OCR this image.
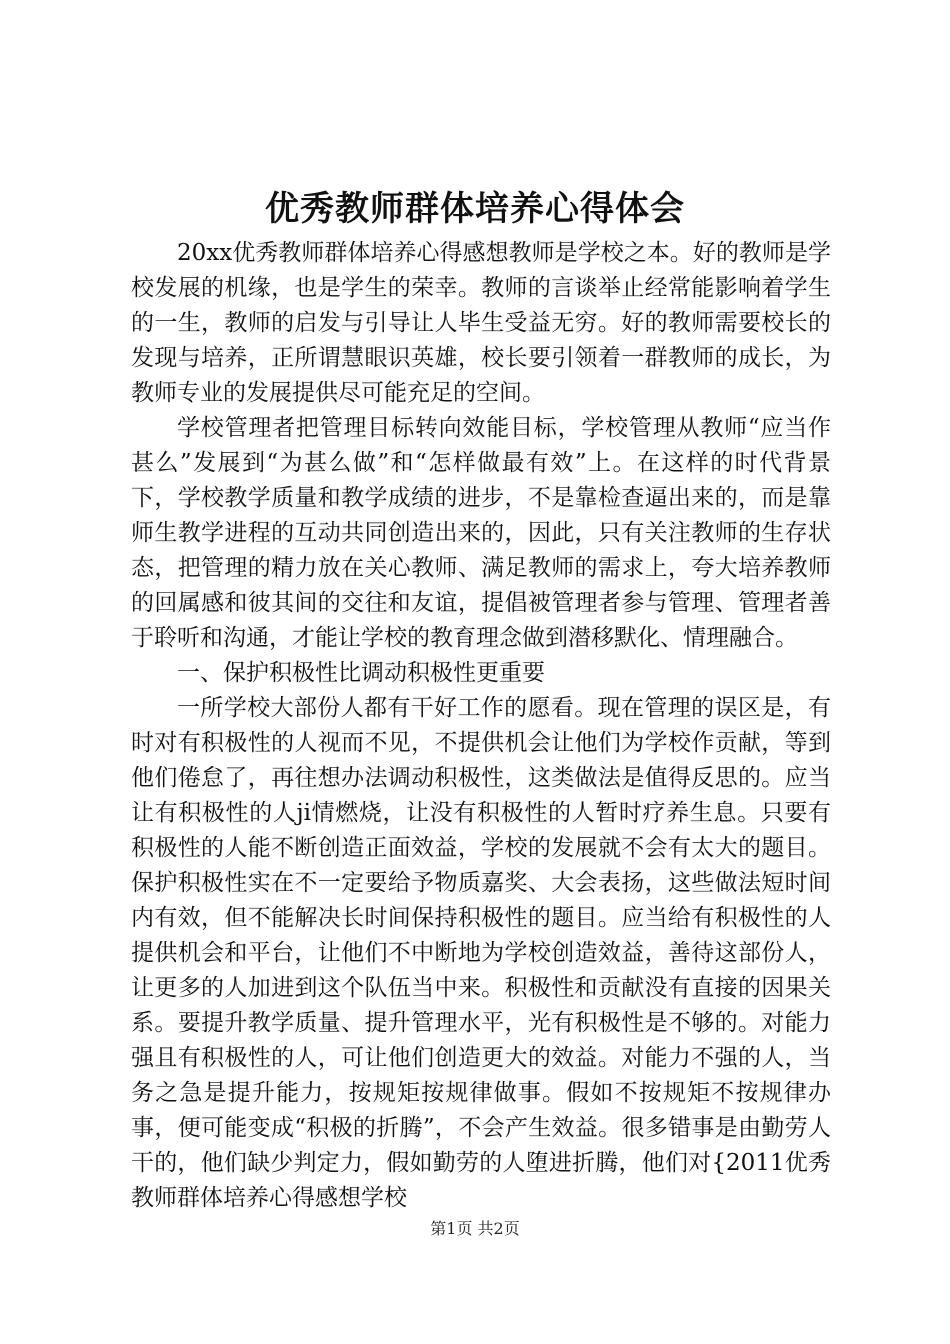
优秀教师群体培养心得体会

20xx优秀教师群体培养心得感想教师是学校之本。好的教师是学校发展的机缘，也是学生的荣幸。教师的言谈举止经常能影响着学生的一生，教师的启发与引导让人毕生受益无穷。好的教师需要校长的发现与培养，正所谓慧眼识英雄，校长要引领着一群教师的成长，为教师专业的发展提供尽可能充足的空间。

学校管理者把管理目标转向效能目标，学校管理从教师“应当作甚么”发展到“为甚么做”和“怎样做最有效”上。在这样的时代背景下，学校教学质量和教学成绩的进步，不是靠检查逼出来的，而是靠师生教学进程的互动共同创造出来的，因此，只有关注教师的生存状态，把管理的精力放在关心教师、满足教师的需求上，夸大培养教师的回属感和彼其间的交往和友谊，提倡被管理者参与管理、管理者善于聆听和沟通，才能让学校的教育理念做到潜移默化、情理融合。

一、保护积极性比调动积极性更重要

一所学校大部份人都有干好工作的愿看。现在管理的误区是，有时对有积极性的人视而不见，不提供机会让他们为学校作贡献，等到他们倦怠了，再往想办法调动积极性，这类做法是值得反思的。应当让有积极性的人ji情燃烧，让没有积极性的人暂时疗养生息。只要有积极性的人能不断创造正面效益，学校的发展就不会有太大的题目。保护积极性实在不一定要给予物质嘉奖、大会表扬，这些做法短时间内有效，但不能解决长时间保持积极性的题目。应当给有积极性的人提供机会和平台，让他们不中断地为学校创造效益，善待这部份人，让更多的人加进到这个队伍当中来。积极性和贡献没有直接的因果关系。要提升教学质量、提升管理水平，光有积极性是不够的。对能力强且有积极性的人，可让他们创造更大的效益。对能力不强的人，当务之急是提升能力，按规矩按规律做事。假如不按规矩不按规律办事，便可能变成“积极的折腾”，不会产生效益。很多错事是由勤劳人干的，他们缺少判定力，假如勤劳的人堕进折腾，他们对{2011优秀教师群体培养心得感想学校

第1页 共2页
